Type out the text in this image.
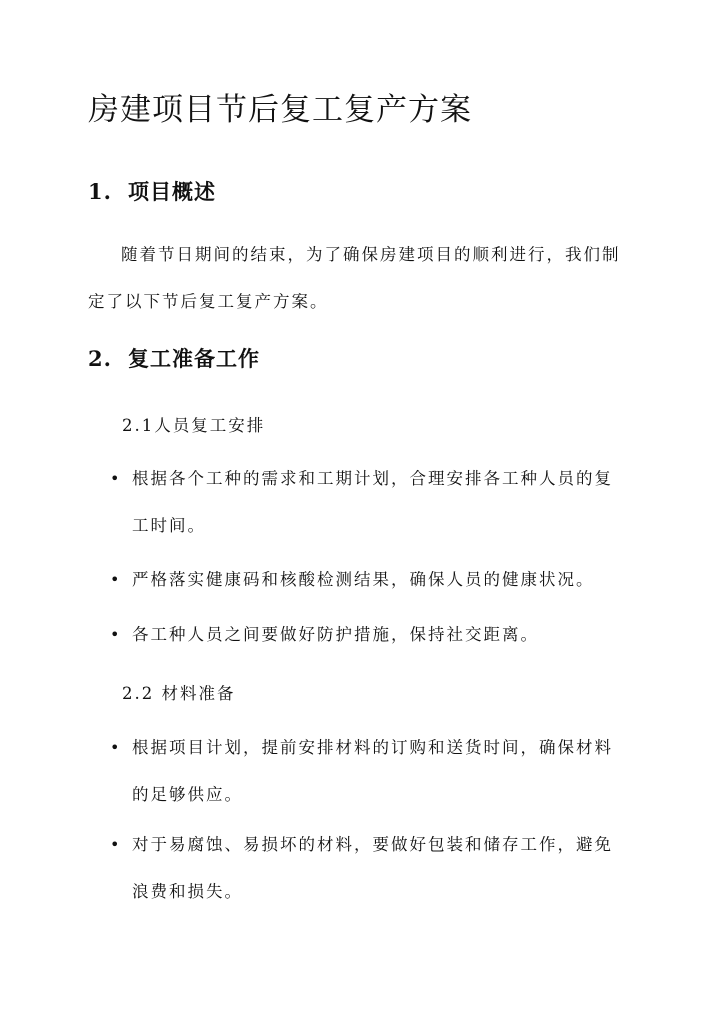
房建项目节后复工复产方案
1. 项目概述

随着节日期间的结束，为了确保房建项目的顺利进行，我们制定了以下节后复工复产方案。

2. 复工准备工作

2.1人员复工安排

• 根据各个工种的需求和工期计划，合理安排各工种人员的复工时间。
• 严格落实健康码和核酸检测结果，确保人员的健康状况。
• 各工种人员之间要做好防护措施，保持社交距离。

2.2 材料准备

• 根据项目计划，提前安排材料的订购和送货时间，确保材料的足够供应。
• 对于易腐蚀、易损坏的材料，要做好包装和储存工作，避免浪费和损失。
